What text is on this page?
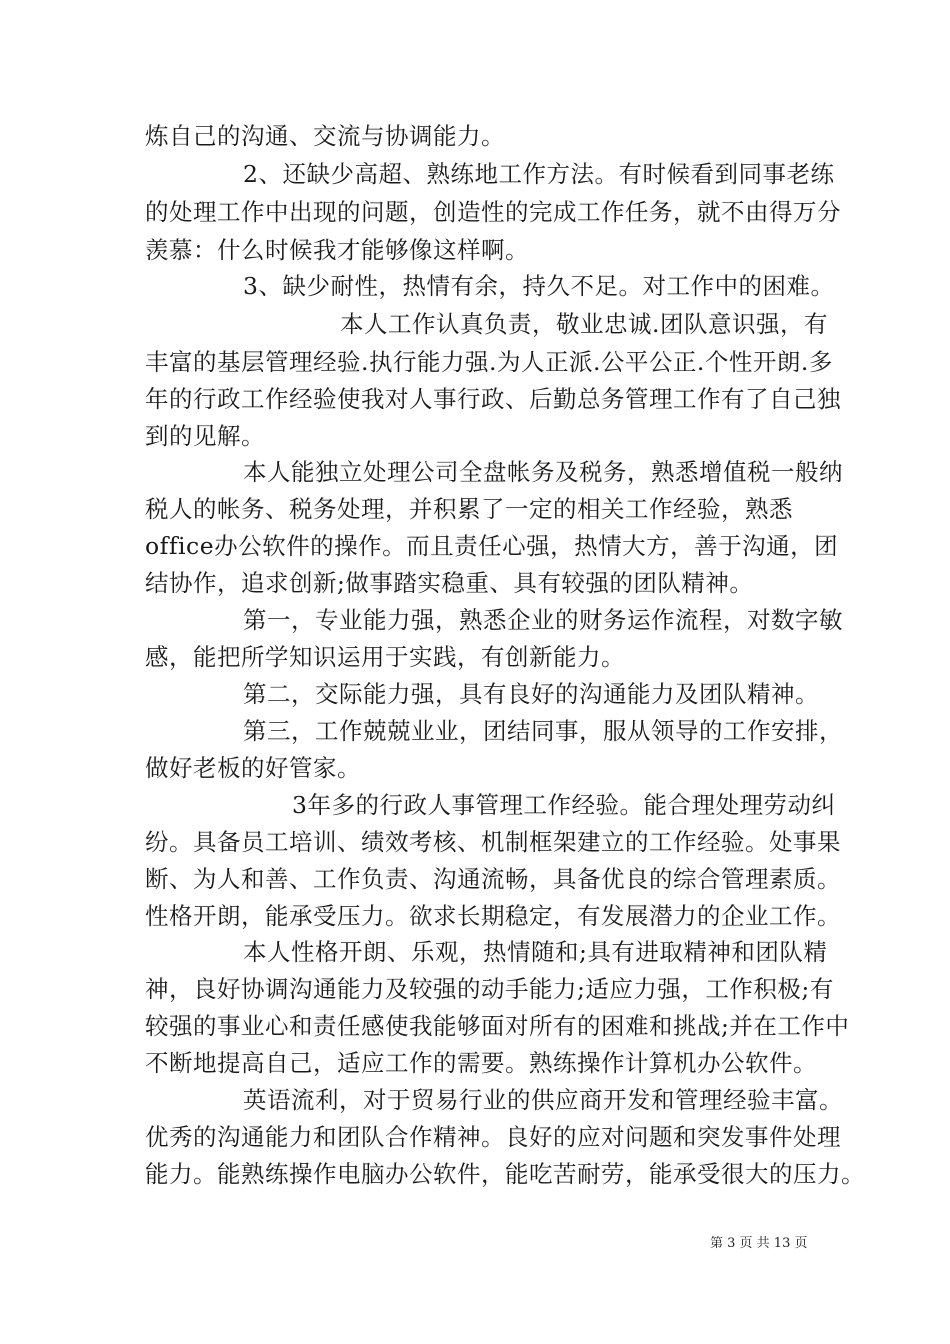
炼自己的沟通、交流与协调能力。
2、还缺少高超、熟练地工作方法。有时候看到同事老练
的处理工作中出现的问题，创造性的完成工作任务，就不由得万分
羡慕：什么时候我才能够像这样啊。
3、缺少耐性，热情有余，持久不足。对工作中的困难。
本人工作认真负责，敬业忠诚.团队意识强，有
丰富的基层管理经验.执行能力强.为人正派.公平公正.个性开朗.多
年的行政工作经验使我对人事行政、后勤总务管理工作有了自己独
到的见解。
本人能独立处理公司全盘帐务及税务，熟悉增值税一般纳
税人的帐务、税务处理，并积累了一定的相关工作经验，熟悉
office办公软件的操作。而且责任心强，热情大方，善于沟通，团
结协作，追求创新;做事踏实稳重、具有较强的团队精神。
第一，专业能力强，熟悉企业的财务运作流程，对数字敏
感，能把所学知识运用于实践，有创新能力。
第二，交际能力强，具有良好的沟通能力及团队精神。
第三，工作兢兢业业，团结同事，服从领导的工作安排，
做好老板的好管家。
3年多的行政人事管理工作经验。能合理处理劳动纠
纷。具备员工培训、绩效考核、机制框架建立的工作经验。处事果
断、为人和善、工作负责、沟通流畅，具备优良的综合管理素质。
性格开朗，能承受压力。欲求长期稳定，有发展潜力的企业工作。
本人性格开朗、乐观，热情随和;具有进取精神和团队精
神，良好协调沟通能力及较强的动手能力;适应力强，工作积极;有
较强的事业心和责任感使我能够面对所有的困难和挑战;并在工作中
不断地提高自己，适应工作的需要。熟练操作计算机办公软件。
英语流利，对于贸易行业的供应商开发和管理经验丰富。
优秀的沟通能力和团队合作精神。良好的应对问题和突发事件处理
能力。能熟练操作电脑办公软件，能吃苦耐劳，能承受很大的压力。
第 3 页 共 13 页
